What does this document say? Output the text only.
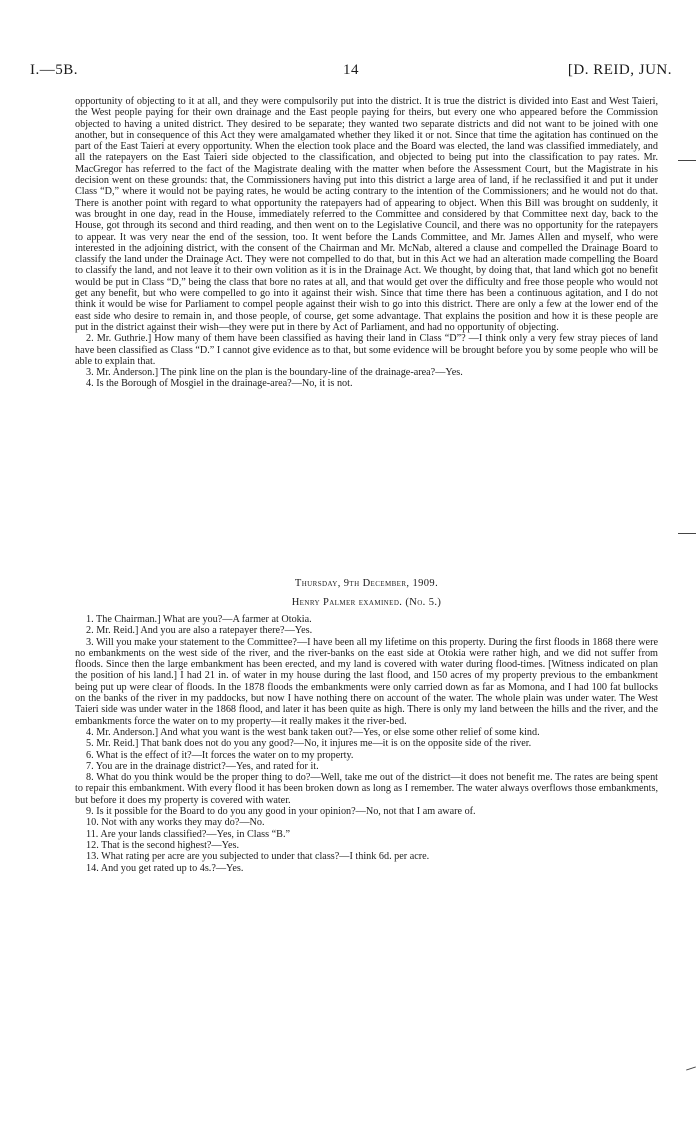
I.—5B.	14	[D. REID, JUN.

opportunity of objecting to it at all, and they were compulsorily put into the district. It is true the district is divided into East and West Taieri, the West people paying for their own drainage and the East people paying for theirs, but every one who appeared before the Commission objected to having a united district. They desired to be separate; they wanted two separate districts and did not want to be joined with one another, but in consequence of this Act they were amalgamated whether they liked it or not. Since that time the agitation has continued on the part of the East Taieri at every opportunity. When the election took place and the Board was elected, the land was classified immediately, and all the ratepayers on the East Taieri side objected to the classification, and objected to being put into the classification to pay rates. Mr. MacGregor has referred to the fact of the Magistrate dealing with the matter when before the Assessment Court, but the Magistrate in his decision went on these grounds: that, the Commissioners having put into this district a large area of land, if he reclassified it and put it under Class “D,” where it would not be paying rates, he would be acting contrary to the intention of the Commissioners; and he would not do that. There is another point with regard to what opportunity the ratepayers had of appearing to object. When this Bill was brought on suddenly, it was brought in one day, read in the House, immediately referred to the Committee and considered by that Committee next day, back to the House, got through its second and third reading, and then went on to the Legislative Council, and there was no opportunity for the ratepayers to appear. It was very near the end of the session, too. It went before the Lands Committee, and Mr. James Allen and myself, who were interested in the adjoining district, with the consent of the Chairman and Mr. McNab, altered a clause and compelled the Drainage Board to classify the land under the Drainage Act. They were not compelled to do that, but in this Act we had an alteration made compelling the Board to classify the land, and not leave it to their own volition as it is in the Drainage Act. We thought, by doing that, that land which got no benefit would be put in Class “D,” being the class that bore no rates at all, and that would get over the difficulty and free those people who would not get any benefit, but who were compelled to go into it against their wish. Since that time there has been a continuous agitation, and I do not think it would be wise for Parliament to compel people against their wish to go into this district. There are only a few at the lower end of the east side who desire to remain in, and those people, of course, get some advantage. That explains the position and how it is these people are put in the district against their wish—they were put in there by Act of Parliament, and had no opportunity of objecting.

2. Mr. Guthrie.] How many of them have been classified as having their land in Class “D”? —I think only a very few stray pieces of land have been classified as Class “D.” I cannot give evidence as to that, but some evidence will be brought before you by some people who will be able to explain that.

3. Mr. Anderson.] The pink line on the plan is the boundary-line of the drainage-area?—Yes.

4. Is the Borough of Mosgiel in the drainage-area?—No, it is not.

Thursday, 9th December, 1909.
Henry Palmer examined. (No. 5.)

1. The Chairman.] What are you?—A farmer at Otokia.

2. Mr. Reid.] And you are also a ratepayer there?—Yes.

3. Will you make your statement to the Committee?—I have been all my lifetime on this property. During the first floods in 1868 there were no embankments on the west side of the river, and the river-banks on the east side at Otokia were rather high, and we did not suffer from floods. Since then the large embankment has been erected, and my land is covered with water during flood-times. [Witness indicated on plan the position of his land.] I had 21 in. of water in my house during the last flood, and 150 acres of my property previous to the embankment being put up were clear of floods. In the 1878 floods the embankments were only carried down as far as Momona, and I had 100 fat bullocks on the banks of the river in my paddocks, but now I have nothing there on account of the water. The whole plain was under water. The West Taieri side was under water in the 1868 flood, and later it has been quite as high. There is only my land between the hills and the river, and the embankments force the water on to my property—it really makes it the river-bed.

4. Mr. Anderson.] And what you want is the west bank taken out?—Yes, or else some other relief of some kind.

5. Mr. Reid.] That bank does not do you any good?—No, it injures me—it is on the opposite side of the river.

6. What is the effect of it?—It forces the water on to my property.

7. You are in the drainage district?—Yes, and rated for it.

8. What do you think would be the proper thing to do?—Well, take me out of the district—it does not benefit me. The rates are being spent to repair this embankment. With every flood it has been broken down as long as I remember. The water always overflows those embankments, but before it does my property is covered with water.

9. Is it possible for the Board to do you any good in your opinion?—No, not that I am aware of.

10. Not with any works they may do?—No.

11. Are your lands classified?—Yes, in Class “B.”

12. That is the second highest?—Yes.

13. What rating per acre are you subjected to under that class?—I think 6d. per acre.

14. And you get rated up to 4s.?—Yes.
